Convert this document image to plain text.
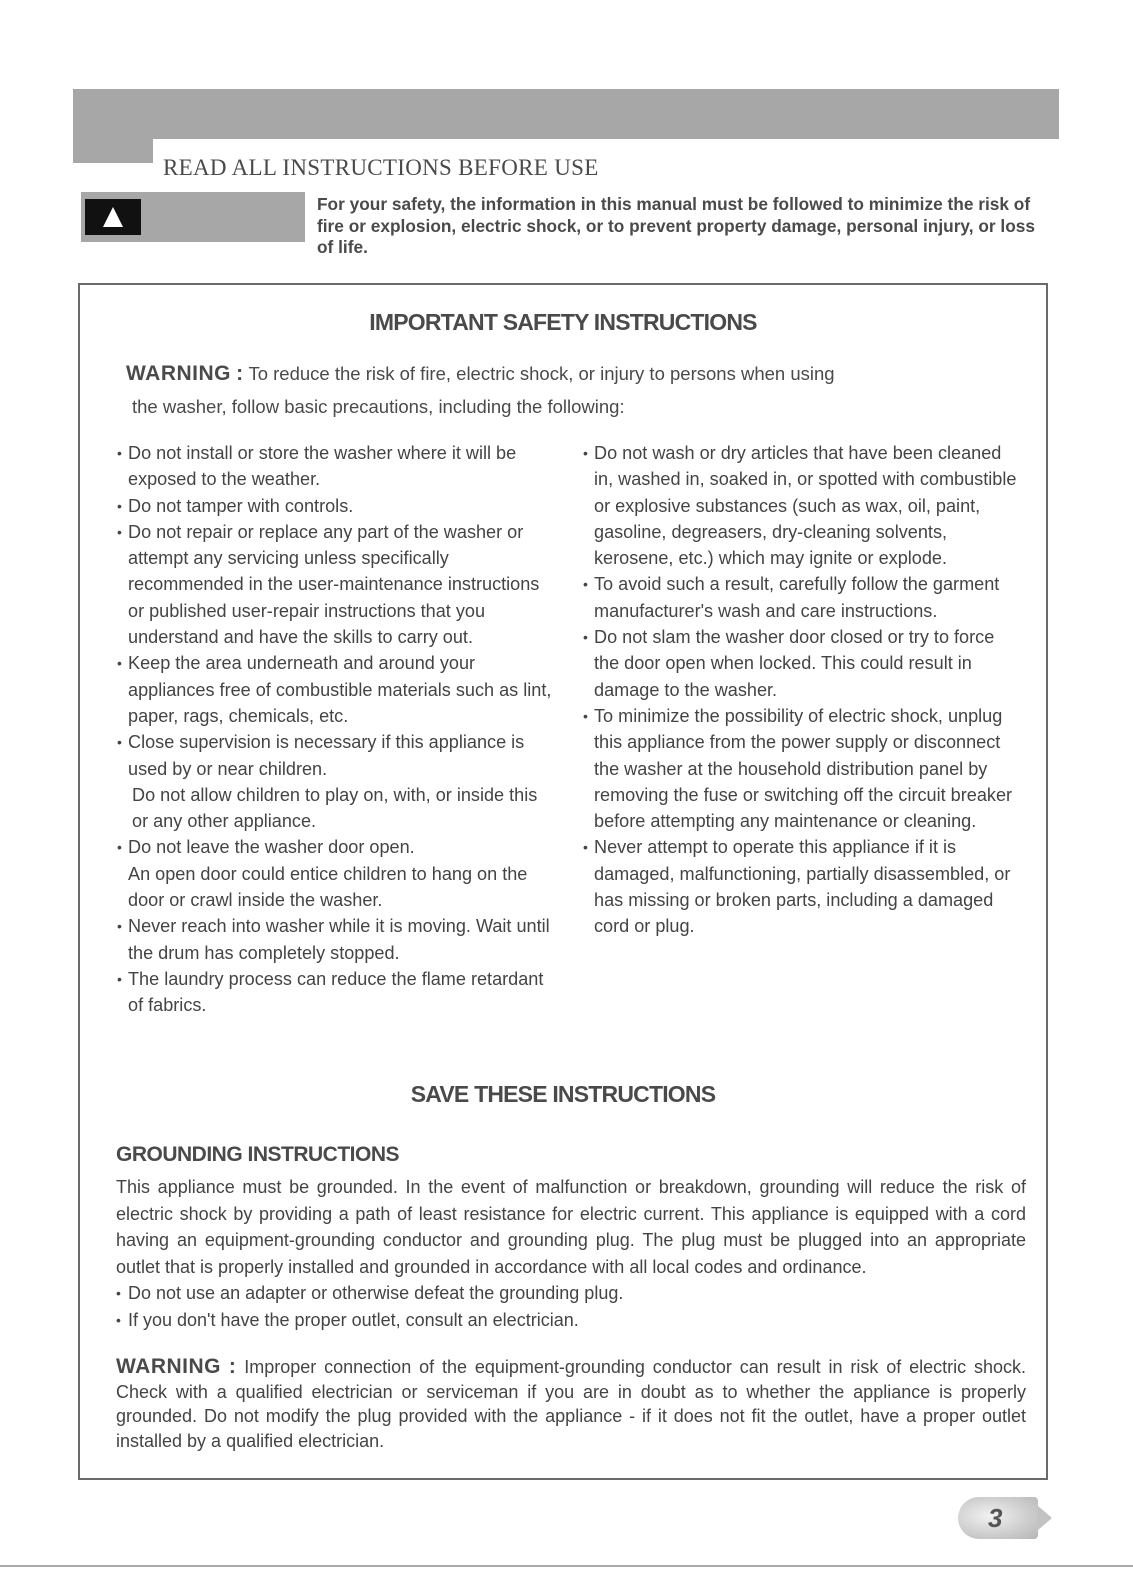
READ ALL INSTRUCTIONS BEFORE USE

For your safety, the information in this manual must be followed to minimize the risk of fire or explosion, electric shock, or to prevent property damage, personal injury, or loss of life.

IMPORTANT SAFETY INSTRUCTIONS

WARNING : To reduce the risk of fire, electric shock, or injury to persons when using
the washer, follow basic precautions, including the following:

• Do not install or store the washer where it will be exposed to the weather.

• Do not tamper with controls.

• Do not repair or replace any part of the washer or attempt any servicing unless specifically recommended in the user-maintenance instructions or published user-repair instructions that you understand and have the skills to carry out.

• Keep the area underneath and around your appliances free of combustible materials such as lint, paper, rags, chemicals, etc.

• Close supervision is necessary if this appliance is used by or near children.

Do not allow children to play on, with, or inside this or any other appliance.

• Do not leave the washer door open.

An open door could entice children to hang on the door or crawl inside the washer.

• Never reach into washer while it is moving. Wait until the drum has completely stopped.

• The laundry process can reduce the flame retardant of fabrics.

• Do not wash or dry articles that have been cleaned in, washed in, soaked in, or spotted with combustible or explosive substances (such as wax, oil, paint, gasoline, degreasers, dry-cleaning solvents, kerosene, etc.) which may ignite or explode.

• To avoid such a result, carefully follow the garment manufacturer's wash and care instructions.

• Do not slam the washer door closed or try to force the door open when locked. This could result in damage to the washer.

• To minimize the possibility of electric shock, unplug this appliance from the power supply or disconnect the washer at the household distribution panel by removing the fuse or switching off the circuit breaker before attempting any maintenance or cleaning.

• Never attempt to operate this appliance if it is damaged, malfunctioning, partially disassembled, or has missing or broken parts, including a damaged cord or plug.

SAVE THESE INSTRUCTIONS
GROUNDING INSTRUCTIONS

This appliance must be grounded. In the event of malfunction or breakdown, grounding will reduce the risk of electric shock by providing a path of least resistance for electric current. This appliance is equipped with a cord having an equipment-grounding conductor and grounding plug. The plug must be plugged into an appropriate outlet that is properly installed and grounded in accordance with all local codes and ordinance.

• Do not use an adapter or otherwise defeat the grounding plug.
• If you don't have the proper outlet, consult an electrician.

WARNING : Improper connection of the equipment-grounding conductor can result in risk of electric shock. Check with a qualified electrician or serviceman if you are in doubt as to whether the appliance is properly grounded. Do not modify the plug provided with the appliance - if it does not fit the outlet, have a proper outlet installed by a qualified electrician.

3
